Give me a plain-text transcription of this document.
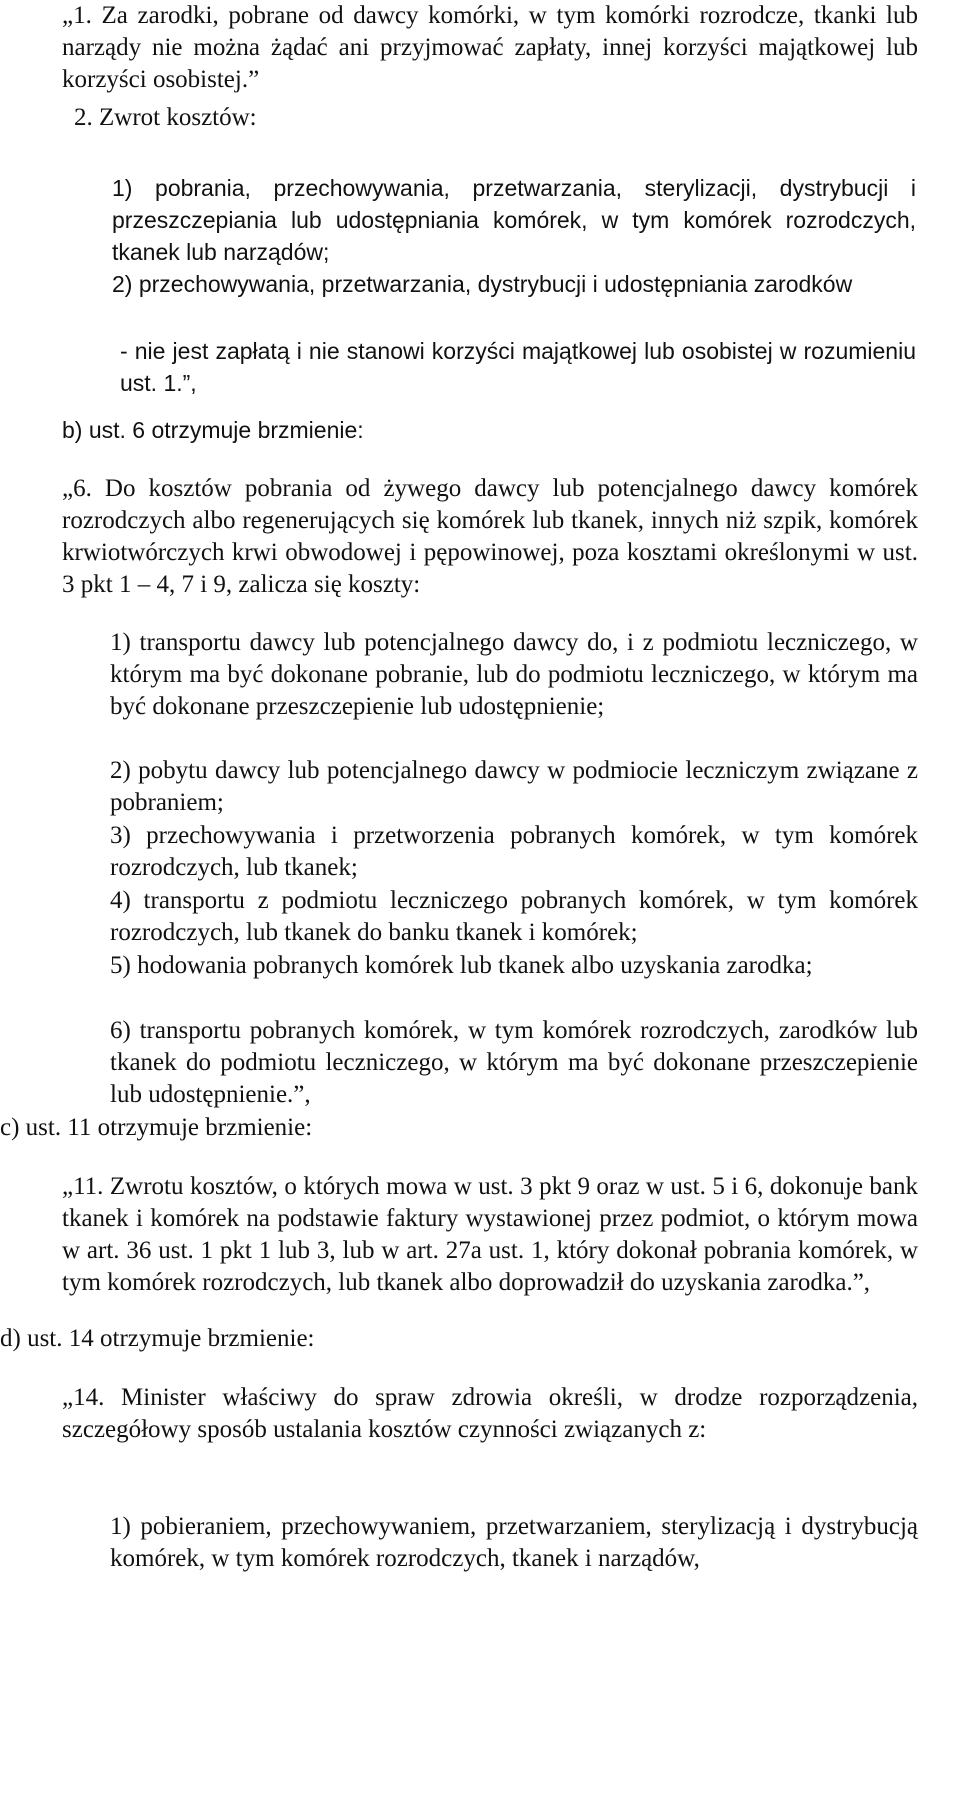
„1. Za zarodki, pobrane od dawcy komórki, w tym komórki rozrodcze, tkanki lub narządy nie można żądać ani przyjmować zapłaty, innej korzyści majątkowej lub korzyści osobistej.”

2. Zwrot kosztów:

1) pobrania, przechowywania, przetwarzania, sterylizacji, dystrybucji i przeszczepiania lub udostępniania komórek, w tym komórek rozrodczych, tkanek lub narządów;

2) przechowywania, przetwarzania, dystrybucji i udostępniania zarodków

- nie jest zapłatą i nie stanowi korzyści majątkowej lub osobistej w rozumieniu ust. 1.”,

b) ust. 6 otrzymuje brzmienie:

„6. Do kosztów pobrania od żywego dawcy lub potencjalnego dawcy komórek rozrodczych albo regenerujących się komórek lub tkanek, innych niż szpik, komórek krwiotwórczych krwi obwodowej i pępowinowej, poza kosztami określonymi w ust. 3 pkt 1 – 4, 7 i 9, zalicza się koszty:

1) transportu dawcy lub potencjalnego dawcy do, i z podmiotu leczniczego, w którym ma być dokonane pobranie, lub do podmiotu leczniczego, w którym ma być dokonane przeszczepienie lub udostępnienie;

2) pobytu dawcy lub potencjalnego dawcy w podmiocie leczniczym związane z pobraniem;

3) przechowywania i przetworzenia pobranych komórek, w tym komórek rozrodczych, lub tkanek;

4) transportu z podmiotu leczniczego pobranych komórek, w tym komórek rozrodczych, lub tkanek do banku tkanek i komórek;

5) hodowania pobranych komórek lub tkanek albo uzyskania zarodka;

6) transportu pobranych komórek, w tym komórek rozrodczych, zarodków lub tkanek do podmiotu leczniczego, w którym ma być dokonane przeszczepienie lub udostępnienie.”,

c) ust. 11 otrzymuje brzmienie:

„11. Zwrotu kosztów, o których mowa w ust. 3 pkt 9 oraz w ust. 5 i 6, dokonuje bank tkanek i komórek na podstawie faktury wystawionej przez podmiot, o którym mowa w art. 36 ust. 1 pkt 1 lub 3, lub w art. 27a ust. 1, który dokonał pobrania komórek, w tym komórek rozrodczych, lub tkanek albo doprowadził do uzyskania zarodka.”,

d) ust. 14 otrzymuje brzmienie:

„14. Minister właściwy do spraw zdrowia określi, w drodze rozporządzenia, szczegółowy sposób ustalania kosztów czynności związanych z:

1) pobieraniem, przechowywaniem, przetwarzaniem, sterylizacją i dystrybucją komórek, w tym komórek rozrodczych, tkanek i narządów,
